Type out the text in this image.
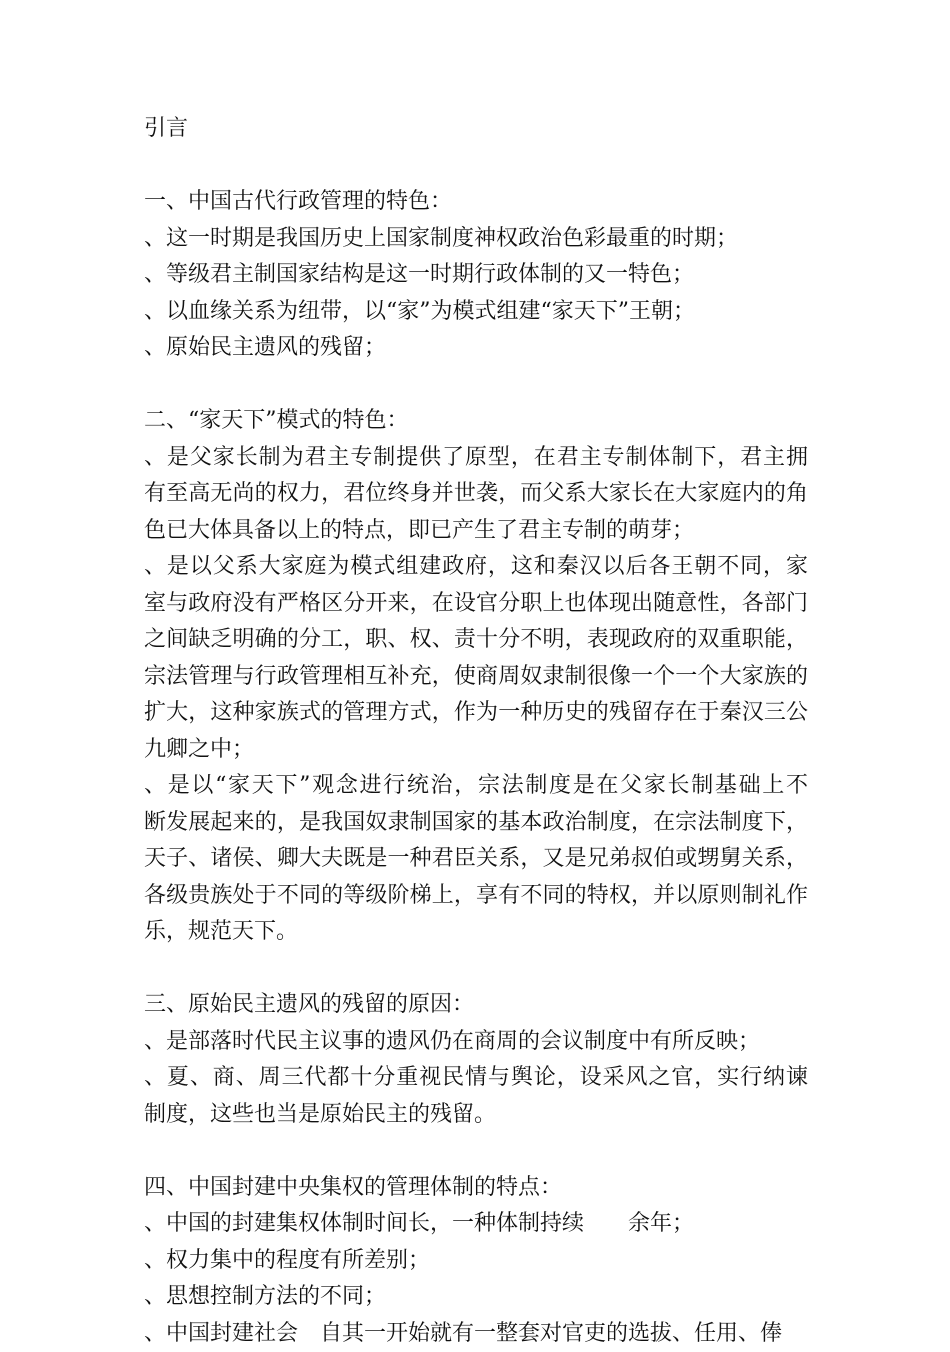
引言
一、中国古代行政管理的特色：
、这一时期是我国历史上国家制度神权政治色彩最重的时期；
、等级君主制国家结构是这一时期行政体制的又一特色；
、以血缘关系为纽带，以“家”为模式组建“家天下”王朝；
、原始民主遗风的残留；
二、“家天下”模式的特色：
、是父家长制为君主专制提供了原型，在君主专制体制下，君主拥
有至高无尚的权力，君位终身并世袭，而父系大家长在大家庭内的角
色已大体具备以上的特点，即已产生了君主专制的萌芽；
、是以父系大家庭为模式组建政府，这和秦汉以后各王朝不同，家
室与政府没有严格区分开来，在设官分职上也体现出随意性，各部门
之间缺乏明确的分工，职、权、责十分不明，表现政府的双重职能，
宗法管理与行政管理相互补充，使商周奴隶制很像一个一个大家族的
扩大，这种家族式的管理方式，作为一种历史的残留存在于秦汉三公
九卿之中；
、是以“家天下”观念进行统治，宗法制度是在父家长制基础上不
断发展起来的，是我国奴隶制国家的基本政治制度，在宗法制度下，
天子、诸侯、卿大夫既是一种君臣关系，又是兄弟叔伯或甥舅关系，
各级贵族处于不同的等级阶梯上，享有不同的特权，并以原则制礼作
乐，规范天下。
三、原始民主遗风的残留的原因：
、是部落时代民主议事的遗风仍在商周的会议制度中有所反映；
、夏、商、周三代都十分重视民情与舆论，设采风之官，实行纳谏
制度，这些也当是原始民主的残留。
四、中国封建中央集权的管理体制的特点：
、中国的封建集权体制时间长，一种体制持续 余年；
、权力集中的程度有所差别；
、思想控制方法的不同；
、中国封建社会 自其一开始就有一整套对官吏的选拔、任用、俸
